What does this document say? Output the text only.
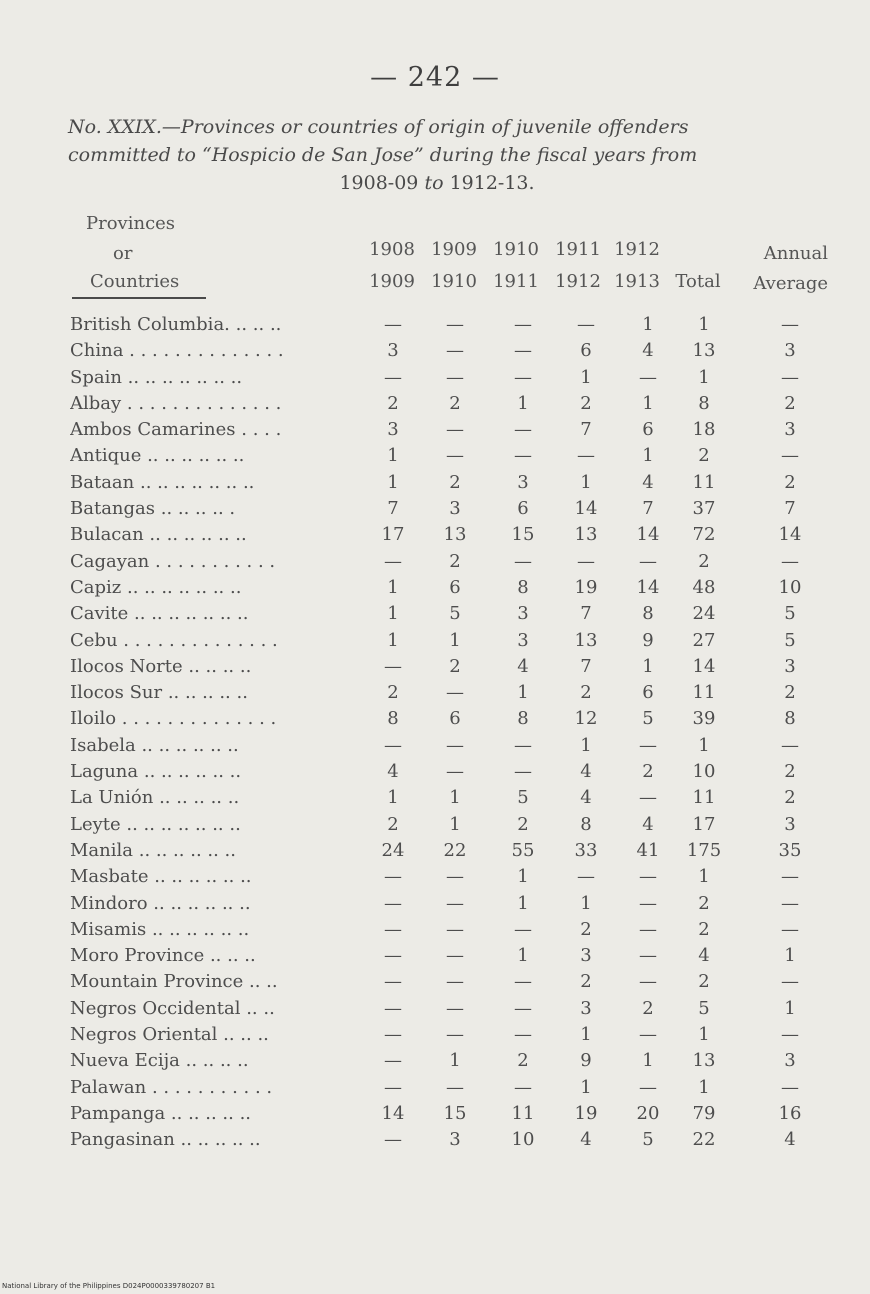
— 242 —
No. XXIX.—Provinces or countries of origin of juvenile offenders
committed to “Hospicio de San Jose” during the fiscal years from
1908-09 to 1912-13.
Provinces
or
Countries
1908 1909 1910 1911 1912
1909 1910 1911 1912 1913 Total
Annual
Average
British Columbia. .. .. ..	—	—	—	—	1	1	—
China . . . . . . . . . . . . . .	3	—	—	6	4	13	3
Spain .. .. .. .. .. .. ..	—	—	—	1	—	1	—
Albay . . . . . . . . . . . . . .	2	2	1	2	1	8	2
Ambos Camarines . . . .	3	—	—	7	6	18	3
Antique .. .. .. .. .. ..	1	—	—	—	1	2	—
Bataan .. .. .. .. .. .. ..	1	2	3	1	4	11	2
Batangas .. .. .. .. .	7	3	6	14	7	37	7
Bulacan .. .. .. .. .. ..	17	13	15	13	14	72	14
Cagayan . . . . . . . . . . .	—	2	—	—	—	2	—
Capiz .. .. .. .. .. .. ..	1	6	8	19	14	48	10
Cavite .. .. .. .. .. .. ..	1	5	3	7	8	24	5
Cebu . . . . . . . . . . . . . .	1	1	3	13	9	27	5
Ilocos Norte .. .. .. ..	—	2	4	7	1	14	3
Ilocos Sur .. .. .. .. ..	2	—	1	2	6	11	2
Iloilo . . . . . . . . . . . . . .	8	6	8	12	5	39	8
Isabela .. .. .. .. .. ..	—	—	—	1	—	1	—
Laguna .. .. .. .. .. ..	4	—	—	4	2	10	2
La Unión .. .. .. .. ..	1	1	5	4	—	11	2
Leyte .. .. .. .. .. .. ..	2	1	2	8	4	17	3
Manila .. .. .. .. .. ..	24	22	55	33	41	175	35
Masbate .. .. .. .. .. ..	—	—	1	—	—	1	—
Mindoro .. .. .. .. .. ..	—	—	1	1	—	2	—
Misamis .. .. .. .. .. ..	—	—	—	2	—	2	—
Moro Province .. .. ..	—	—	1	3	—	4	1
Mountain Province .. ..	—	—	—	2	—	2	—
Negros Occidental .. ..	—	—	—	3	2	5	1
Negros Oriental .. .. ..	—	—	—	1	—	1	—
Nueva Ecija .. .. .. ..	—	1	2	9	1	13	3
Palawan . . . . . . . . . . .	—	—	—	1	—	1	—
Pampanga .. .. .. .. ..	14	15	11	19	20	79	16
Pangasinan .. .. .. .. ..	—	3	10	4	5	22	4
National Library of the Philippines D024P0000339780207 B1
